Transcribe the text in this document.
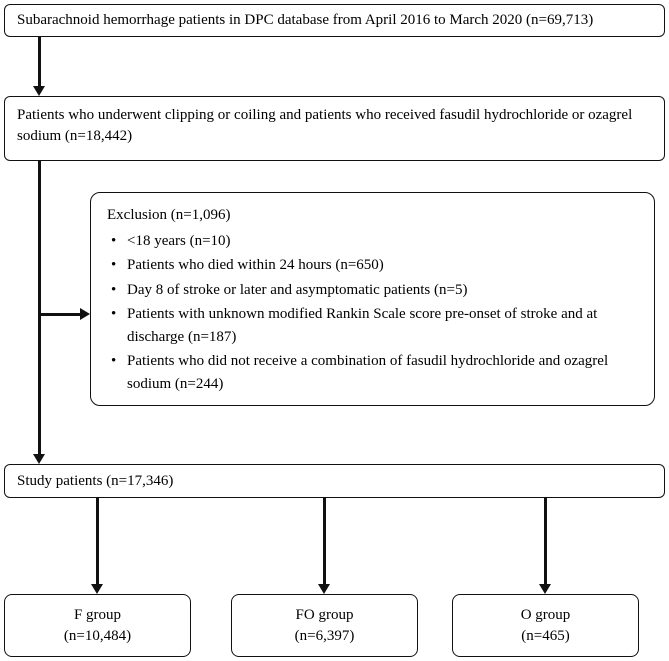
Subarachnoid hemorrhage patients in DPC database from April 2016 to March 2020 (n=69,713)
Patients who underwent clipping or coiling and patients who received fasudil hydrochloride or ozagrel sodium (n=18,442)
Exclusion (n=1,096)
• <18 years (n=10)
• Patients who died within 24 hours (n=650)
• Day 8 of stroke or later and asymptomatic patients (n=5)
• Patients with unknown modified Rankin Scale score pre-onset of stroke and at discharge (n=187)
• Patients who did not receive a combination of fasudil hydrochloride and ozagrel sodium (n=244)
Study patients (n=17,346)
F group
(n=10,484)
FO group
(n=6,397)
O group
(n=465)
